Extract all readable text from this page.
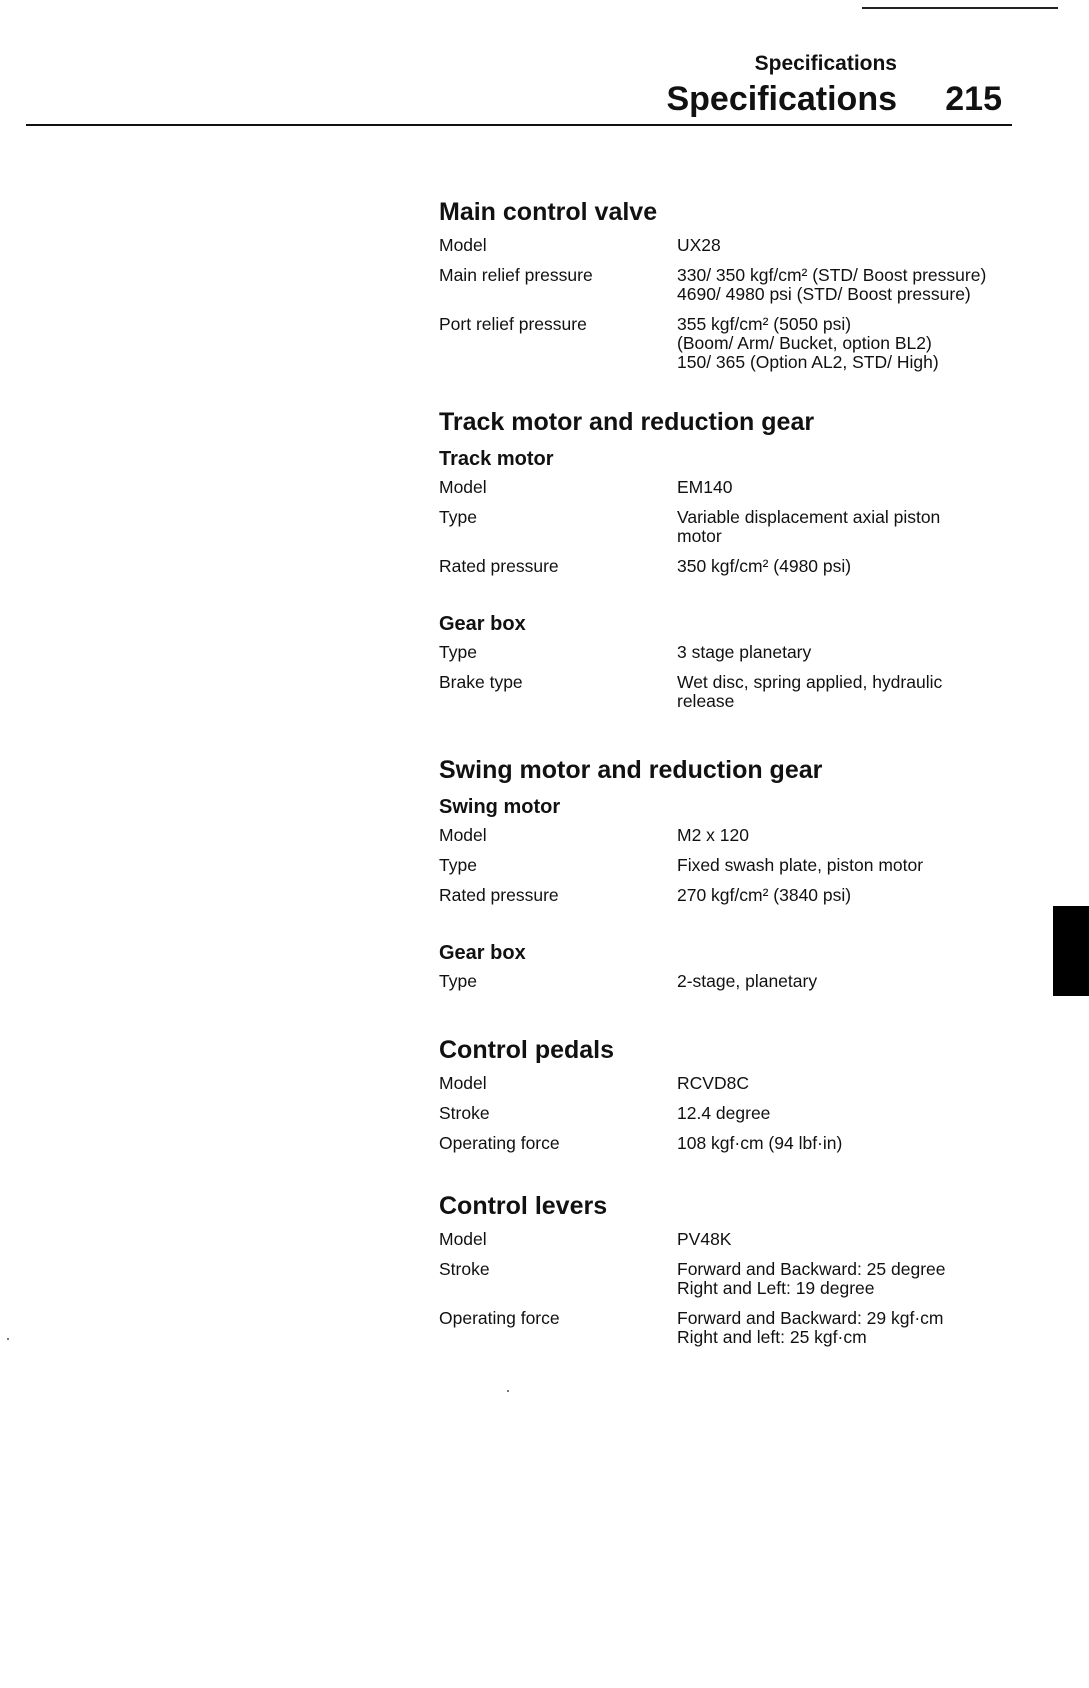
Specifications
Specifications	215
Main control valve
Model	UX28
Main relief pressure	330/ 350 kgf/cm² (STD/ Boost pressure)
4690/ 4980 psi (STD/ Boost pressure)
Port relief pressure	355 kgf/cm² (5050 psi)
(Boom/ Arm/ Bucket, option BL2)
150/ 365 (Option AL2, STD/ High)
Track motor and reduction gear
Track motor
Model	EM140
Type	Variable displacement axial piston
motor
Rated pressure	350 kgf/cm² (4980 psi)
Gear box
Type	3 stage planetary
Brake type	Wet disc, spring applied, hydraulic
release
Swing motor and reduction gear
Swing motor
Model	M2 x 120
Type	Fixed swash plate, piston motor
Rated pressure	270 kgf/cm² (3840 psi)
Gear box
Type	2-stage, planetary
Control pedals
Model	RCVD8C
Stroke	12.4 degree
Operating force	108 kgf·cm (94 lbf·in)
Control levers
Model	PV48K
Stroke	Forward and Backward: 25 degree
Right and Left: 19 degree
Operating force	Forward and Backward: 29 kgf·cm
Right and left: 25 kgf·cm
